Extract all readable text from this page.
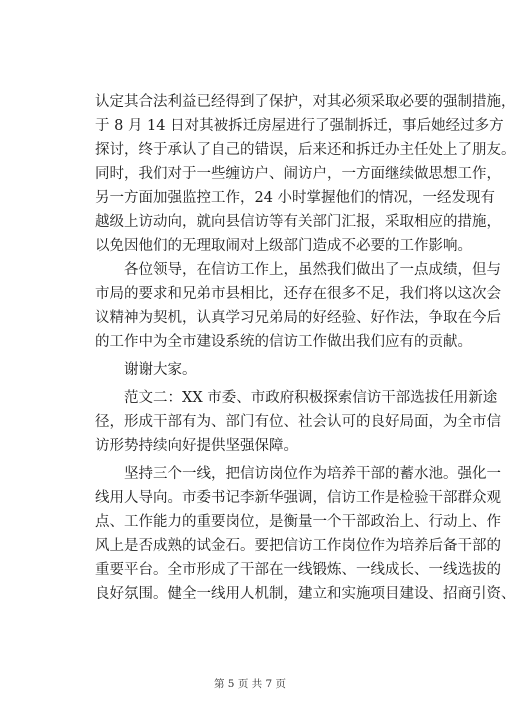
认定其合法利益已经得到了保护，对其必须采取必要的强制措施，
于 8 月 14 日对其被拆迁房屋进行了强制拆迁，事后她经过多方
探讨，终于承认了自己的错误，后来还和拆迁办主任处上了朋友。
同时，我们对于一些缠访户、闹访户，一方面继续做思想工作，
另一方面加强监控工作，24 小时掌握他们的情况，一经发现有
越级上访动向，就向县信访等有关部门汇报，采取相应的措施，
以免因他们的无理取闹对上级部门造成不必要的工作影响。
　　各位领导，在信访工作上，虽然我们做出了一点成绩，但与
市局的要求和兄弟市县相比，还存在很多不足，我们将以这次会
议精神为契机，认真学习兄弟局的好经验、好作法，争取在今后
的工作中为全市建设系统的信访工作做出我们应有的贡献。
　　谢谢大家。
　　范文二：XX 市委、市政府积极探索信访干部选拔任用新途
径，形成干部有为、部门有位、社会认可的良好局面，为全市信
访形势持续向好提供坚强保障。
　　坚持三个一线，把信访岗位作为培养干部的蓄水池。强化一
线用人导向。市委书记李新华强调，信访工作是检验干部群众观
点、工作能力的重要岗位，是衡量一个干部政治上、行动上、作
风上是否成熟的试金石。要把信访工作岗位作为培养后备干部的
重要平台。全市形成了干部在一线锻炼、一线成长、一线选拔的
良好氛围。健全一线用人机制，建立和实施项目建设、招商引资、
第 5 页 共 7 页
